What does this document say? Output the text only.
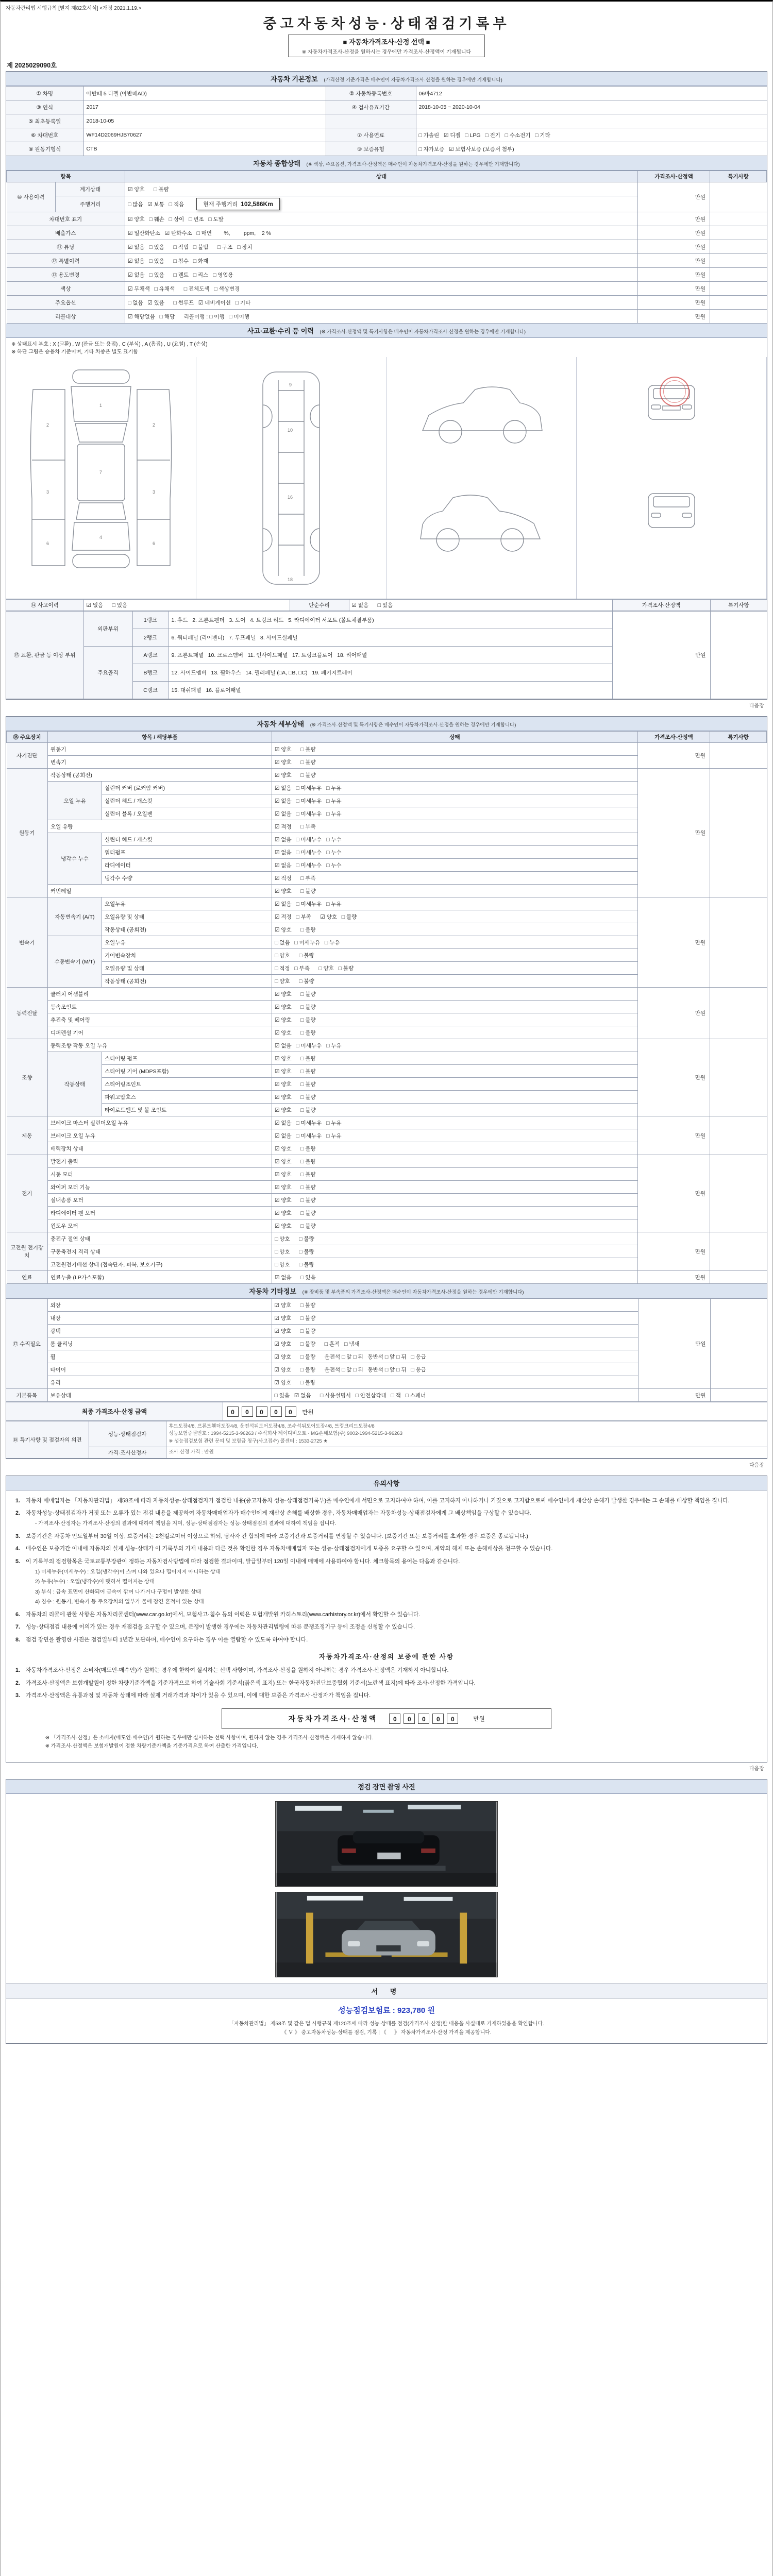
자동차관리법 시행규칙 [별지 제82호서식] <개정 2021.1.19.>
중고자동차성능·상태점검기록부
■ 자동차가격조사·산정 선택 ■
※ 자동차가격조사·산정을 원하시는 경우에만 가격조사·산정액이 기재됩니다
제 2025029090호
자동차 기본정보 (가격산정 기준가격은 매수인이 자동차가격조사·산정을 원하는 경우에만 기재합니다)
① 차명	아반떼 5 디젤 (아반떼AD)	② 자동차등록번호	06바4712
③ 연식	2017	④ 검사유효기간	2018-10-05 ~ 2020-10-04
⑤ 최초등록일	2018-10-05		
⑥ 차대번호	WF14D2069HJB70627	⑦ 사용연료	□ 가솔린   ☑ 디젤   □ LPG   □ 전기   □ 수소전기   □ 기타
⑧ 원동기형식	CTB	⑨ 보증유형	□ 자가보증   ☑ 보험사보증 (보증서 첨부)
자동차 종합상태 (※ 색상, 주요옵션, 가격조사·산정액은 매수인이 자동차가격조사·산정을 원하는 경우에만 기재합니다)
항목		상태	가격조사·산정액	특기사항
⑩ 사용이력	계기상태	☑ 양호      □ 불량	만원	
	주행거리	□ 많음   ☑ 보통   □ 적음 현재 주행거리  102,586Km		
차대번호 표기		☑ 양호   □ 훼손   □ 상이   □ 변조   □ 도말	만원	
배출가스		☑ 일산화탄소   ☑ 탄화수소   □ 매연        %,         ppm,    2 %	만원	
⑪ 튜닝		☑ 없음   □ 있음      □ 적법   □ 불법      □ 구조   □ 장치	만원	
⑫ 특별이력		☑ 없음   □ 있음      □ 침수   □ 화재	만원	
⑬ 용도변경		☑ 없음   □ 있음      □ 렌트   □ 리스   □ 영업용	만원	
색상		☑ 무채색   □ 유채색      □ 전체도색   □ 색상변경	만원	
주요옵션		□ 없음   ☑ 있음      □ 썬루프   ☑ 네비게이션   □ 기타	만원	
리콜대상		☑ 해당없음   □ 해당      리콜이행 : □ 이행   □ 미이행	만원	
사고·교환·수리 등 이력 (※ 가격조사·산정액 및 특기사항은 매수인이 자동차가격조사·산정을 원하는 경우에만 기재합니다)
※ 상태표시 부호 : X (교환) , W (판금 또는 용접) , C (부식) , A (흠집) , U (요철) , T (손상)
※ 하단 그림은 승용차 기준이며, 기타 차종은 별도 표기함
1
7
4
2
3
6
2
3
6
9
10
16
18
⑭ 사고이력	☑ 없음      □ 있음	단순수리	☑ 없음      □ 있음	가격조사·산정액	특기사항
⑮ 교환, 판금 등 이상 부위	외판부위	1랭크	1. 후드   2. 프론트펜더   3. 도어   4. 트렁크 리드   5. 라디에이터 서포트 (볼트체결부품)	만원	
		2랭크	6. 쿼터패널 (리어펜더)   7. 루프패널   8. 사이드실패널		
	주요골격	A랭크	9. 프론트패널   10. 크로스멤버   11. 인사이드패널   17. 트렁크플로어   18. 리어패널		
		B랭크	12. 사이드멤버   13. 휠하우스   14. 필러패널 (□A, □B, □C)   19. 패키지트레이		
		C랭크	15. 대쉬패널   16. 플로어패널		
다음장
자동차 세부상태 (※ 가격조사·산정액 및 특기사항은 매수인이 자동차가격조사·산정을 원하는 경우에만 기재합니다)
⑯ 주요장치	항목 / 해당부품		상태	가격조사·산정액	특기사항
자기진단	원동기		☑ 양호      □ 불량	만원	
	변속기		☑ 양호      □ 불량		
원동기	작동상태 (공회전)		☑ 양호      □ 불량	만원	
	오일 누유	실린더 커버 (로커암 커버)	☑ 없음   □ 미세누유   □ 누유		
		실린더 헤드 / 개스킷	☑ 없음   □ 미세누유   □ 누유		
		실린더 블록 / 오일팬	☑ 없음   □ 미세누유   □ 누유		
	오일 유량		☑ 적정      □ 부족		
	냉각수 누수	실린더 헤드 / 개스킷	☑ 없음   □ 미세누수   □ 누수		
		워터펌프	☑ 없음   □ 미세누수   □ 누수		
		라디에이터	☑ 없음   □ 미세누수   □ 누수		
		냉각수 수량	☑ 적정      □ 부족		
	커먼레일		☑ 양호      □ 불량		
변속기	자동변속기 (A/T)	오일누유	☑ 없음   □ 미세누유   □ 누유	만원	
		오일유량 및 상태	☑ 적정   □ 부족      ☑ 양호   □ 불량		
		작동상태 (공회전)	☑ 양호      □ 불량		
	수동변속기 (M/T)	오일누유	□ 없음   □ 미세누유   □ 누유		
		기어변속장치	□ 양호      □ 불량		
		오일유량 및 상태	□ 적정   □ 부족      □ 양호   □ 불량		
		작동상태 (공회전)	□ 양호      □ 불량		
동력전달	클러치 어셈블리		☑ 양호      □ 불량	만원	
	등속조인트		☑ 양호      □ 불량		
	추진축 및 베어링		☑ 양호      □ 불량		
	디퍼렌셜 기어		☑ 양호      □ 불량		
조향	동력조향 작동 오일 누유		☑ 없음   □ 미세누유   □ 누유	만원	
	작동상태	스티어링 펌프	☑ 양호      □ 불량		
		스티어링 기어 (MDPS포함)	☑ 양호      □ 불량		
		스티어링조인트	☑ 양호      □ 불량		
		파워고압호스	☑ 양호      □ 불량		
		타이로드엔드 및 볼 조인트	☑ 양호      □ 불량		
제동	브레이크 마스터 실린더오일 누유		☑ 없음   □ 미세누유   □ 누유	만원	
	브레이크 오일 누유		☑ 없음   □ 미세누유   □ 누유		
	배력장치 상태		☑ 양호      □ 불량		
전기	발전기 출력		☑ 양호      □ 불량	만원	
	시동 모터		☑ 양호      □ 불량		
	와이퍼 모터 기능		☑ 양호      □ 불량		
	실내송풍 모터		☑ 양호      □ 불량		
	라디에이터 팬 모터		☑ 양호      □ 불량		
	윈도우 모터		☑ 양호      □ 불량		
고전원 전기장치	충전구 절연 상태		□ 양호      □ 불량	만원	
	구동축전지 격리 상태		□ 양호      □ 불량		
	고전원전기배선 상태 (접속단자, 피복, 보호기구)		□ 양호      □ 불량		
연료	연료누출 (LP가스포함)		☑ 없음      □ 있음	만원	
자동차 기타정보 (※ 장비품 및 부속품의 가격조사·산정액은 매수인이 자동차가격조사·산정을 원하는 경우에만 기재합니다)
⑰ 수리필요	외장	☑ 양호      □ 불량	만원	
	내장	☑ 양호      □ 불량		
	광택	☑ 양호      □ 불량		
	룸 클리닝	☑ 양호      □ 불량      □ 흔적   □ 냄새		
	휠	☑ 양호      □ 불량      운전석 □ 앞 □ 뒤   동반석 □ 앞 □ 뒤   □ 응급		
	타이어	☑ 양호      □ 불량      운전석 □ 앞 □ 뒤   동반석 □ 앞 □ 뒤   □ 응급		
	유리	☑ 양호      □ 불량		
기본품목	보유상태	□ 있음   ☑ 없음      □ 사용설명서   □ 안전삼각대   □ 잭   □ 스패너	만원	
최종 가격조사·산정 금액	0 0 0 0 0 만원
⑱ 특기사항 및 점검자의 의견	성능·상태점검자	후드도장4/8, 프론트휀더도장4/8, 운전석뒤도어도장4/8, 조수석뒤도어도장4/8, 트렁크리드도장4/8
성능보험증권번호 : 1994-5215-3-96263 / 주식회사 제이디비오토 · MG손해보험(주) 9002-1994-5215-3-96263
※ 성능점검보험 관련 문의 및 보험금 청구(사고접수) 콜센터 : 1533-2725 ★

	가격·조사산정자	조사·산정 가격 : 만원
다음장
유의사항
1.	자동차 매매업자는 「자동차관리법」 제58조에 따라 자동차성능·상태점검자가 점검한 내용(중고자동차 성능·상태점검기록부)을 매수인에게 서면으로 고지하여야 하며, 이를 고지하지 아니하거나 거짓으로 고지함으로써 매수인에게 재산상 손해가 발생한 경우에는 그 손해를 배상할 책임을 집니다.
2.	자동차성능·상태점검자가 거짓 또는 오류가 있는 점검 내용을 제공하여 자동차매매업자가 매수인에게 재산상 손해를 배상한 경우, 자동차매매업자는 자동차성능·상태점검자에게 그 배상책임을 구상할 수 있습니다.
- 가격조사·산정자는 가격조사·산정의 결과에 대하여 책임을 지며, 성능·상태점검자는 성능·상태점검의 결과에 대하여 책임을 집니다.
3.	보증기간은 자동차 인도일부터 30일 이상, 보증거리는 2천킬로미터 이상으로 하되, 당사자 간 합의에 따라 보증기간과 보증거리를 연장할 수 있습니다. (보증기간 또는 보증거리를 초과한 경우 보증은 종료됩니다.)
4.	매수인은 보증기간 이내에 자동차의 실제 성능·상태가 이 기록부의 기재 내용과 다른 것을 확인한 경우 자동차매매업자 또는 성능·상태점검자에게 보증을 요구할 수 있으며, 계약의 해제 또는 손해배상을 청구할 수 있습니다.
5.	이 기록부의 점검항목은 국토교통부장관이 정하는 자동차검사방법에 따라 점검한 결과이며, 발급일부터 120일 이내에 매매에 사용하여야 합니다. 체크항목의 용어는 다음과 같습니다.
1) 미세누유(미세누수) : 오일(냉각수)이 스며 나와 있으나 떨어지지 아니하는 상태
2) 누유(누수) : 오일(냉각수)이 맺혀서 떨어지는 상태
3) 부식 : 금속 표면이 산화되어 금속이 깎여 나가거나 구멍이 발생한 상태
4) 침수 : 원동기, 변속기 등 주요장치의 일부가 물에 잠긴 흔적이 있는 상태
6.	자동차의 리콜에 관한 사항은 자동차리콜센터(www.car.go.kr)에서, 보험사고·침수 등의 이력은 보험개발원 카히스토리(www.carhistory.or.kr)에서 확인할 수 있습니다.
7.	성능·상태점검 내용에 이의가 있는 경우 재점검을 요구할 수 있으며, 분쟁이 발생한 경우에는 자동차관리법령에 따른 분쟁조정기구 등에 조정을 신청할 수 있습니다.
8.	점검 장면을 촬영한 사진은 점검일부터 1년간 보관하며, 매수인이 요구하는 경우 이를 열람할 수 있도록 하여야 합니다.
자동차가격조사·산정의 보증에 관한 사항
1.	자동차가격조사·산정은 소비자(매도인·매수인)가 원하는 경우에 한하여 실시하는 선택 사항이며, 가격조사·산정을 원하지 아니하는 경우 가격조사·산정액은 기재하지 아니합니다.
2.	가격조사·산정액은 보험개발원이 정한 차량기준가액을 기준가격으로 하여 기술사회 기준서(붉은색 표지) 또는 한국자동차진단보증협회 기준서(노란색 표지)에 따라 조사·산정한 가격입니다.
3.	가격조사·산정액은 유통과정 및 자동차 상태에 따라 실제 거래가격과 차이가 있을 수 있으며, 이에 대한 보증은 가격조사·산정자가 책임을 집니다.
자동차가격조사·산정액	0 0 0 0 0	만원
※ 「가격조사·산정」은 소비자(매도인·매수인)가 원하는 경우에만 실시하는 선택 사항이며, 원하지 않는 경우 가격조사·산정액은 기재하지 않습니다.
※ 가격조사·산정액은 보험개발원이 정한 차량기준가액을 기준가격으로 하여 산출한 가격입니다.
다음장
점검 장면 촬영 사진
서 명
성능점검보험료 : 923,780 원
「자동차관리법」 제58조 및 같은 법 시행규칙 제120조에 따라 성능·상태를 점검(가격조사·산정)한 내용을 사실대로 기재하였음을 확인합니다.
《 Ｖ 》 중고자동차성능·상태를 점검, 기록 | 《 　 》 자동차가격조사·산정 가격을 제공합니다.
